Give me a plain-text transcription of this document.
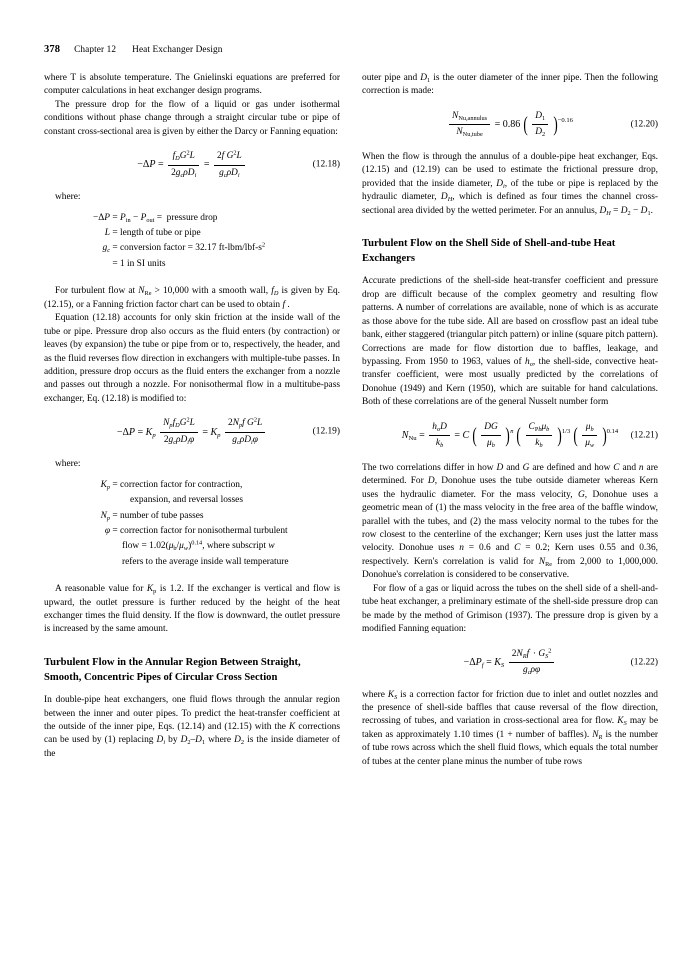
378 Chapter 12 Heat Exchanger Design

where T is absolute temperature. The Gnielinski equations are preferred for computer calculations in heat exchanger design programs.

The pressure drop for the flow of a liquid or gas under isothermal conditions without phase change through a straight circular tube or pipe of constant cross-sectional area is given by either the Darcy or Fanning equation:

$-\Delta P = \frac{f_DG^2L}{2g_c\rho D_i} = \frac{2f G^2L}{g_c\rho D_i}$	(12.18)

where:

$-\Delta P = P_{in} - P_{out}$ =  pressure drop
L = length of tube or pipe
$g_c$ = conversion factor = 32.17 $ft-lbm/lbf-s^2$
= 1 in SI units

For turbulent flow at $N_{Re} > 10,000$ with a smooth wall, $f_D$ is given by Eq. (12.15), or a Fanning friction factor chart can be used to obtain f .

Equation (12.18) accounts for only skin friction at the inside wall of the tube or pipe. Pressure drop also occurs as the fluid enters (by contraction) or leaves (by expansion) the tube or pipe from or to, respectively, the header, and as the fluid reverses flow direction in exchangers with multiple-tube passes. In addition, pressure drop occurs as the fluid enters the exchanger from a nozzle and passes out through a nozzle. For nonisothermal flow in a multitube-pass exchanger, Eq. (12.18) is modified to:

$-\Delta P = K_p \frac{N_pf_DG^2L}{2g_c\rho D_i\varphi} = K_p \frac{2N_pf G^2L}{g_c\rho D_i\varphi}$	(12.19)

where:

$K_p$ = correction factor for contraction,
expansion, and reversal losses
$N_p$ = number of tube passes
φ = correction factor for nonisothermal turbulent
flow = $1.02(\mu_b/\mu_w)^{0.14}$, where subscript w
refers to the average inside wall temperature

A reasonable value for $K_p$ is 1.2. If the exchanger is vertical and flow is upward, the outlet pressure is further reduced by the height of the heat exchanger times the fluid density. If the flow is downward, the outlet pressure is increased by the same amount.

Turbulent Flow in the Annular Region Between Straight, Smooth, Concentric Pipes of Circular Cross Section

In double-pipe heat exchangers, one fluid flows through the annular region between the inner and outer pipes. To predict the heat-transfer coefficient at the outside of the inner pipe, Eqs. (12.14) and (12.15) with the K corrections can be used by (1) replacing $D_i$ by $D_2-D_1$ where $D_2$ is the inside diameter of the

outer pipe and $D_1$ is the outer diameter of the inner pipe. Then the following correction is made:

$\frac{N_{Nu,annulus}}{N_{Nu,tube}} = 0.86$ ( $\frac{D_1}{D_2} )-0.16$	(12.20)

When the flow is through the annulus of a double-pipe heat exchanger, Eqs. (12.15) and (12.19) can be used to estimate the frictional pressure drop, provided that the inside diameter, $D_i$, of the tube or pipe is replaced by the hydraulic diameter, $D_H$, which is defined as four times the channel cross-sectional area divided by the wetted perimeter. For an annulus, $D_H = D_2 - D_1$.

Turbulent Flow on the Shell Side of Shell-and-tube Heat Exchangers

Accurate predictions of the shell-side heat-transfer coefficient and pressure drop are difficult because of the complex geometry and resulting flow patterns. A number of correlations are available, none of which is as accurate as those above for the tube side. All are based on crossflow past an ideal tube bank, either staggered (triangular pitch pattern) or inline (square pitch pattern). Corrections are made for flow distortion due to baffles, leakage, and bypassing. From 1950 to 1963, values of $h_o$, the shell-side, convective heat-transfer coefficient, were most usually predicted by the correlations of Donohue (1949) and Kern (1950), which are suitable for hand calculations. Both of these correlations are of the general Nusselt number form

$N_{Nu} = \frac{h_oD}{k_b} = C$ ( $\frac{DG}{\mu_b} )n$ ( $\frac{C_{Pb}\mu_b}{k_b} )1/3$ ( $\frac{\mu_b}{\mu_w} )0.14$ (12.21)

The two correlations differ in how D and G are defined and how C and n are determined. For D, Donohue uses the tube outside diameter whereas Kern uses the hydraulic diameter. For the mass velocity, G, Donohue uses a geometric mean of (1) the mass velocity in the free area of the baffle window, parallel with the tubes, and (2) the mass velocity normal to the tubes for the row closest to the centerline of the exchanger; Kern uses just the latter mass velocity. Donohue uses n = 0.6 and C = 0.2; Kern uses 0.55 and 0.36, respectively. Kern's correlation is valid for $N_{Re}$ from 2,000 to 1,000,000. Donohue's correlation is considered to be conservative.

For flow of a gas or liquid across the tubes on the shell side of a shell-and-tube heat exchanger, a preliminary estimate of the shell-side pressure drop can be made by the method of Grimison (1937). The pressure drop is given by a modified Fanning equation:

$-\Delta P_f = K_S \frac{2N_Rf' \cdot G_S^2}{g_c\rho\varphi}$	(12.22)

where $K_S$ is a correction factor for friction due to inlet and outlet nozzles and the presence of shell-side baffles that cause reversal of the flow direction, recrossing of tubes, and variation in cross-sectional area for flow. $K_S$ may be taken as approximately 1.10 times (1 + number of baffles). $N_R$ is the number of tube rows across which the shell fluid flows, which equals the total number of tubes at the center plane minus the number of tube rows
